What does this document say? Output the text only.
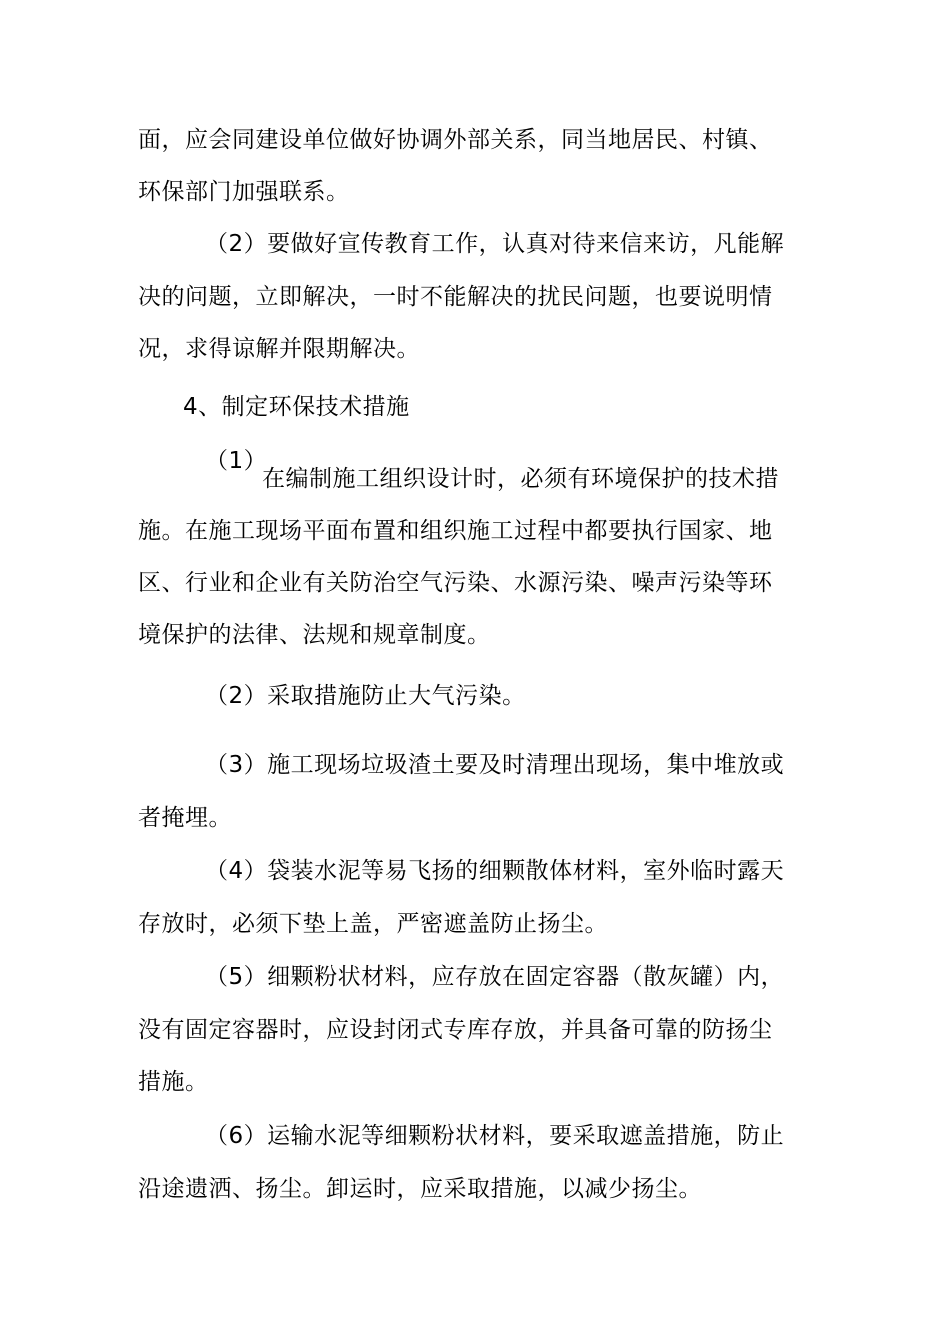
面，应会同建设单位做好协调外部关系，同当地居民、村镇、
环保部门加强联系。
（2）要做好宣传教育工作，认真对待来信来访，凡能解
决的问题，立即解决，一时不能解决的扰民问题，也要说明情
况，求得谅解并限期解决。
4、制定环保技术措施
（1）
在编制施工组织设计时，必须有环境保护的技术措
施。在施工现场平面布置和组织施工过程中都要执行国家、地
区、行业和企业有关防治空气污染、水源污染、噪声污染等环
境保护的法律、法规和规章制度。
（2）采取措施防止大气污染。
（3）施工现场垃圾渣土要及时清理出现场，集中堆放或
者掩埋。
（4）袋装水泥等易飞扬的细颗散体材料，室外临时露天
存放时，必须下垫上盖，严密遮盖防止扬尘。
（5）细颗粉状材料，应存放在固定容器（散灰罐）内，
没有固定容器时，应设封闭式专库存放，并具备可靠的防扬尘
措施。
（6）运输水泥等细颗粉状材料，要采取遮盖措施，防止
沿途遗洒、扬尘。卸运时，应采取措施，以减少扬尘。
